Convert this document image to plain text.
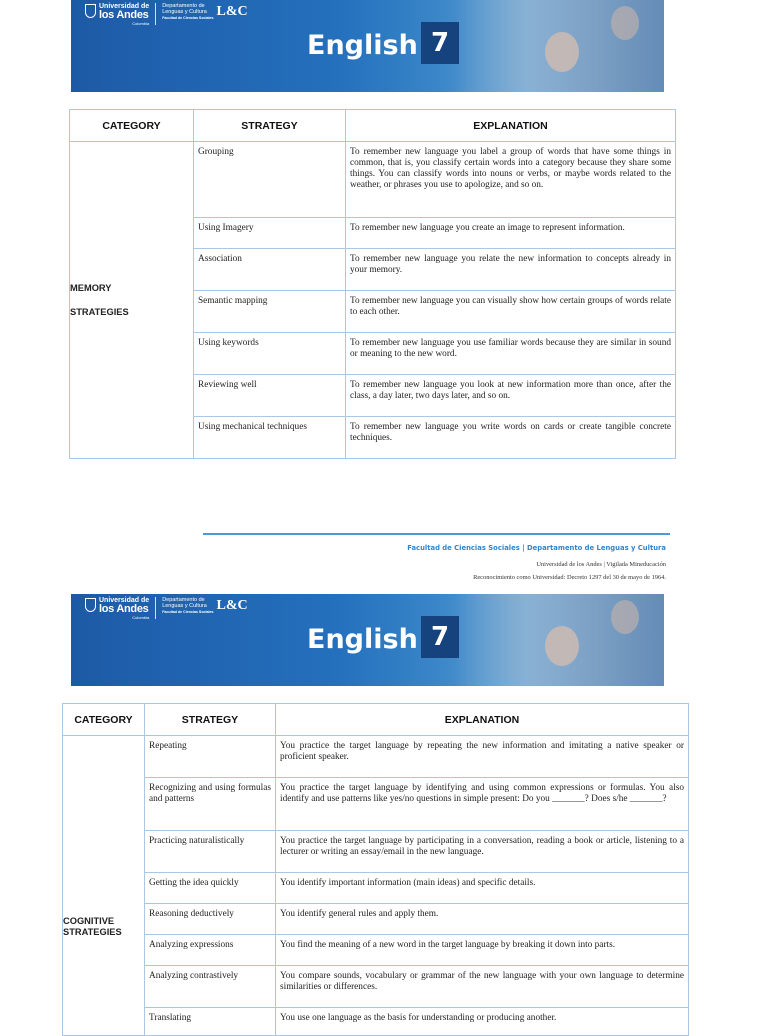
Universidad de
los Andes
Colombia
Departamento de
Lenguas y Cultura
Facultad de Ciencias Sociales L&C
English 7
CATEGORY	STRATEGY	EXPLANATION

MEMORY
STRATEGIES	Grouping	To remember new language you label a group of words that have some things in common, that is, you classify certain words into a category because they share some things. You can classify words into nouns or verbs, or maybe words related to the weather, or phrases you use to apologize, and so on.
	Using Imagery	To remember new language you create an image to represent information.
	Association	To remember new language you relate the new information to concepts already in your memory.
	Semantic mapping	To remember new language you can visually show how certain groups of words relate to each other.
	Using keywords	To remember new language you use familiar words because they are similar in sound or meaning to the new word.
	Reviewing well	To remember new language you look at new information more than once, after the class, a day later, two days later, and so on.
	Using mechanical techniques	To remember new language you write words on cards or create tangible concrete techniques.
Facultad de Ciencias Sociales | Departamento de Lenguas y Cultura
Universidad de los Andes | Vigilada Mineducación
Reconocimiento como Universidad: Decreto 1297 del 30 de mayo de 1964.
Universidad de
los Andes
Colombia
Departamento de
Lenguas y Cultura
Facultad de Ciencias Sociales L&C
English 7
CATEGORY	STRATEGY	EXPLANATION

COGNITIVE
STRATEGIES	Repeating	You practice the target language by repeating the new information and imitating a native speaker or proficient speaker.
	Recognizing and using formulas and patterns	You practice the target language by identifying and using common expressions or formulas. You also identify and use patterns like yes/no questions in simple present: Do you _______? Does s/he _______?
	Practicing naturalistically	You practice the target language by participating in a conversation, reading a book or article, listening to a lecturer or writing an essay/email in the new language.
	Getting the idea quickly	You identify important information (main ideas) and specific details.
	Reasoning deductively	You identify general rules and apply them.
	Analyzing expressions	You find the meaning of a new word in the target language by breaking it down into parts.
	Analyzing contrastively	You compare sounds, vocabulary or grammar of the new language with your own language to determine similarities or differences.
	Translating	You use one language as the basis for understanding or producing another.
